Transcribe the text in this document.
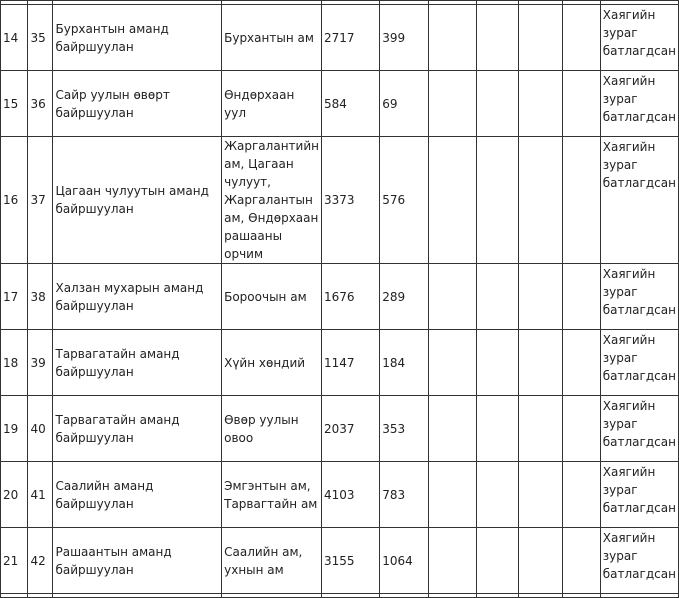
14	35	Бурхантын аманд байршуулан	Бурхантын ам	2717	399					Хаягийн зураг батлагдсан
15	36	Сайр уулын өвөрт байршуулан	Өндөрхаан уул	584	69					Хаягийн зураг батлагдсан
16	37	Цагаан чулуутын аманд байршуулан	Жаргалантийн ам, Цагаан чулуут, Жаргалантын ам, Өндөрхаан рашааны орчим	3373	576					Хаягийн зураг батлагдсан
17	38	Халзан мухарын аманд байршуулан	Бороочын ам	1676	289					Хаягийн зураг батлагдсан
18	39	Тарвагатайн аманд байршуулан	Хүйн хөндий	1147	184					Хаягийн зураг батлагдсан
19	40	Тарвагатайн аманд байршуулан	Өвөр уулын овоо	2037	353					Хаягийн зураг батлагдсан
20	41	Саалийн аманд байршуулан	Эмгэнтын ам, Тарвагтайн ам	4103	783					Хаягийн зураг батлагдсан
21	42	Рашаантын аманд байршуулан	Саалийн ам, ухнын ам	3155	1064					Хаягийн зураг батлагдсан
